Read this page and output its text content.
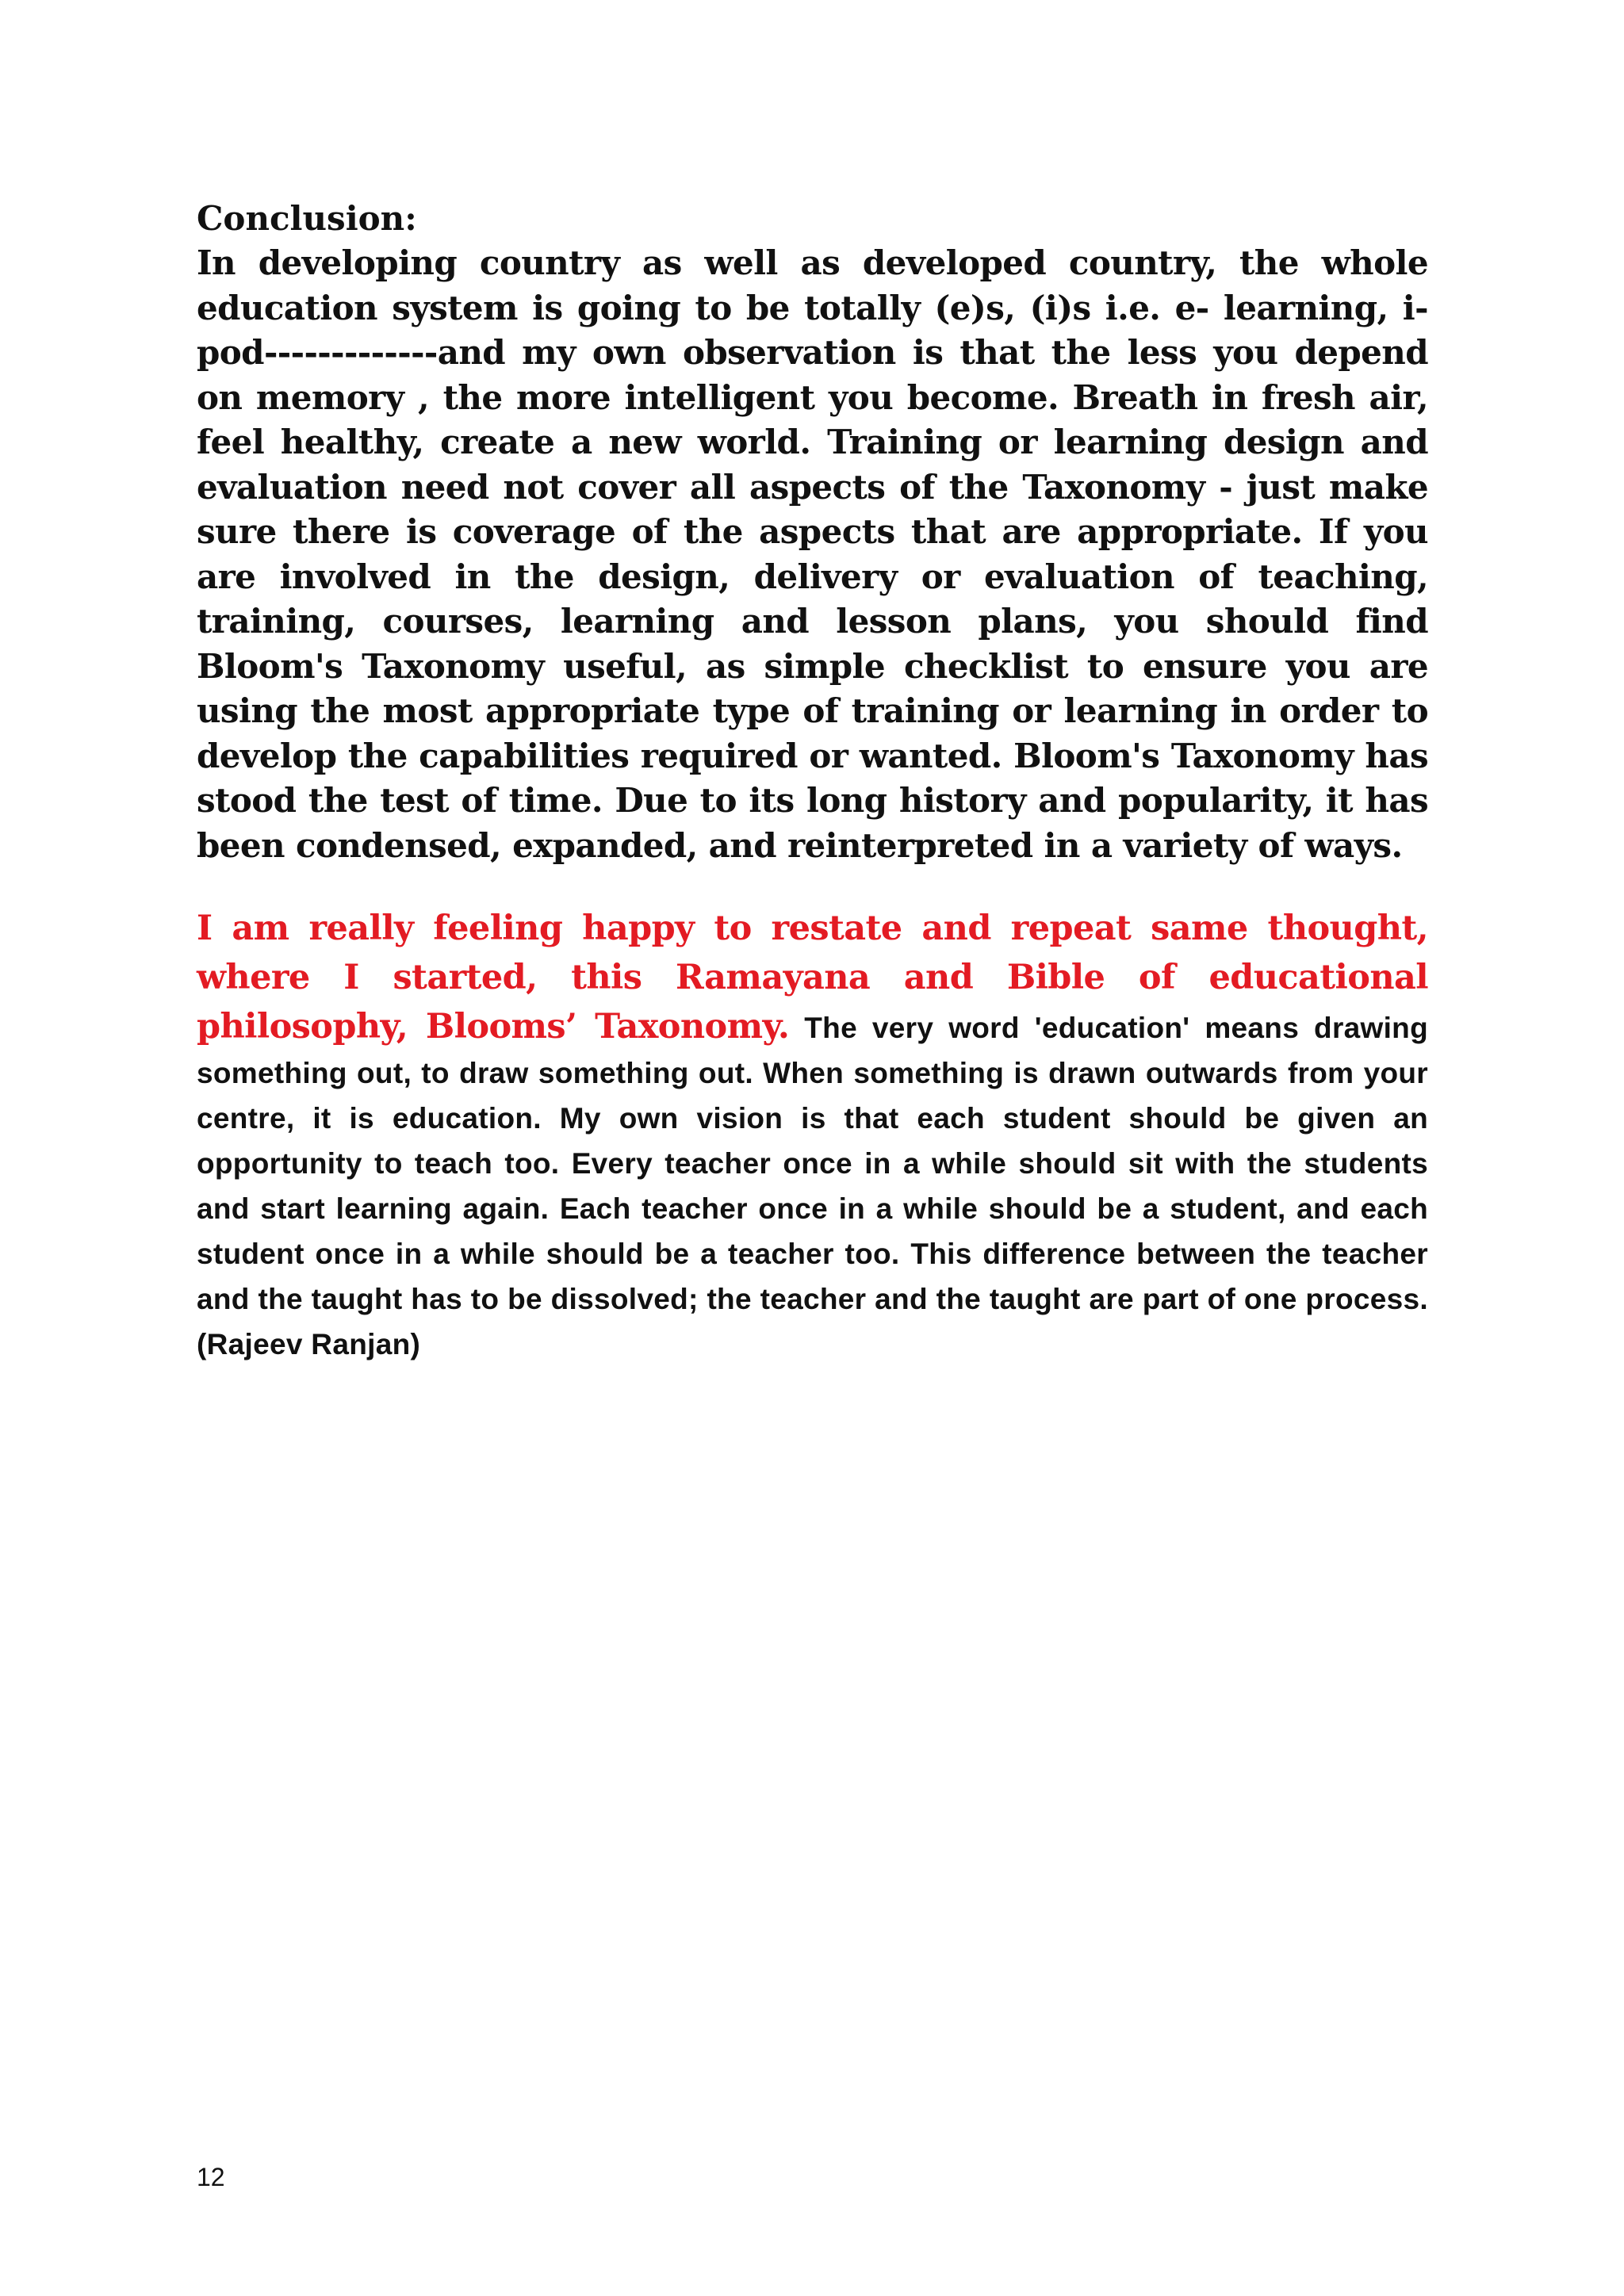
Conclusion:

In developing country as well as developed country, the whole education system is going to be totally (e)s, (i)s i.e. e- learning, i-pod-------------and my own observation is that the less you depend on memory , the more intelligent you become. Breath in fresh air, feel healthy, create a new world. Training or learning design and evaluation need not cover all aspects of the Taxonomy - just make sure there is coverage of the aspects that are appropriate. If you are involved in the design, delivery or evaluation of teaching, training, courses, learning and lesson plans, you should find Bloom's Taxonomy useful, as simple checklist to ensure you are using the most appropriate type of training or learning in order to develop the capabilities required or wanted. Bloom's Taxonomy has stood the test of time. Due to its long history and popularity, it has been condensed, expanded, and reinterpreted in a variety of ways.

I am really feeling happy to restate and repeat same thought, where I started, this Ramayana and Bible of educational philosophy, Blooms’ Taxonomy. The very word 'education' means drawing something out, to draw something out. When something is drawn outwards from your centre, it is education. My own vision is that each student should be given an opportunity to teach too. Every teacher once in a while should sit with the students and start learning again. Each teacher once in a while should be a student, and each student once in a while should be a teacher too. This difference between the teacher and the taught has to be dissolved; the teacher and the taught are part of one process.(Rajeev Ranjan)

12
